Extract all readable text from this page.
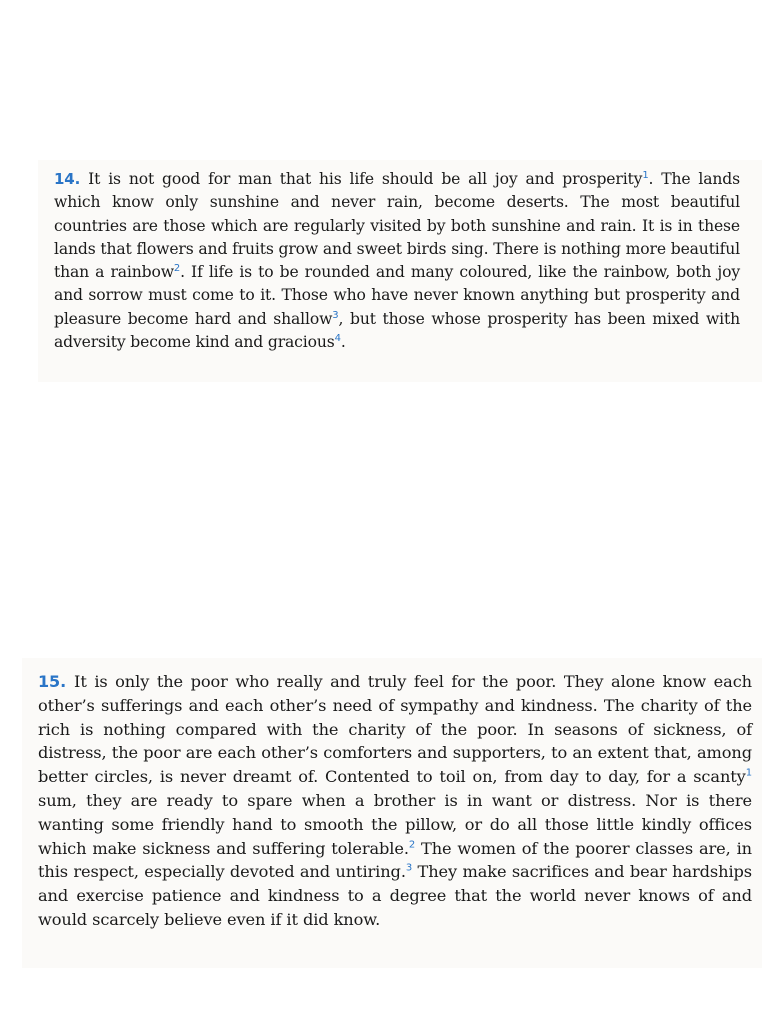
14. It is not good for man that his life should be all joy and prosperity$^1$. The lands which know only sunshine and never rain, become deserts. The most beautiful countries are those which are regularly visited by both sunshine and rain. It is in these lands that flowers and fruits grow and sweet birds sing. There is nothing more beautiful than a rainbow$^2$. If life is to be rounded and many coloured, like the rainbow, both joy and sorrow must come to it. Those who have never known anything but prosperity and pleasure become hard and shallow$^3$, but those whose prosperity has been mixed with adversity become kind and gracious$^4$.

15. It is only the poor who really and truly feel for the poor. They alone know each other’s sufferings and each other’s need of sympathy and kindness. The charity of the rich is nothing compared with the charity of the poor. In seasons of sickness, of distress, the poor are each other’s comforters and supporters, to an extent that, among better circles, is never dreamt of. Contented to toil on, from day to day, for a scanty$^1$ sum, they are ready to spare when a brother is in want or distress. Nor is there wanting some friendly hand to smooth the pillow, or do all those little kindly offices which make sickness and suffering tolerable.$^2$ The women of the poorer classes are, in this respect, especially devoted and untiring.$^3$ They make sacrifices and bear hardships and exercise patience and kindness to a degree that the world never knows of and would scarcely believe even if it did know.
